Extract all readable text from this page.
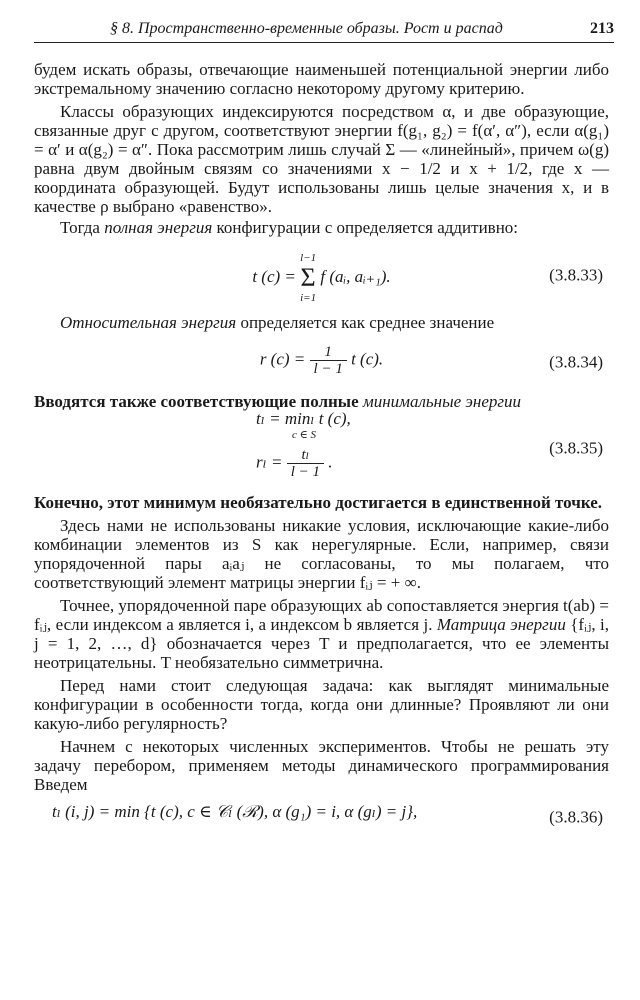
§ 8. Пространственно-временные образы. Рост и распад	213

будем искать образы, отвечающие наименьшей потенциальной энергии либо экстремальному значению согласно некоторому другому критерию.

Классы образующих индексируются посредством α, и две образующие, связанные друг с другом, соответствуют энергии f(g₁, g₂) = f(α′, α″), если α(g₁) = α′ и α(g₂) = α″. Пока рассмотрим лишь случай Σ — «линейный», причем ω(g) равна двум двойным связям со значениями x − 1/2 и x + 1/2, где x — координата образующей. Будут использованы лишь целые значения x, и в качестве ρ выбрано «равенство».

Тогда полная энергия конфигурации c определяется аддитивно:

t (c) =
l−1
Σ
i=1
f (aᵢ, aᵢ₊₁).	(3.8.33)

Относительная энергия определяется как среднее значение

r $(c) = \frac{1}{l - 1}$ t (c).	(3.8.34)

Вводятся также соответствующие полные минимальные энергии

tₗ = minₗ t (c),
c ∈ S
$r_l = \frac{\text{tₗ}}{l - 1}$ .
(3.8.35)

Конечно, этот минимум необязательно достигается в единственной точке.

Здесь нами не использованы никакие условия, исключающие какие-либо комбинации элементов из S как нерегулярные. Если, например, связи упорядоченной пары aᵢaⱼ не согласованы, то мы полагаем, что соответствующий элемент матрицы энергии fᵢⱼ = + ∞.

Точнее, упорядоченной паре образующих ab сопоставляется энергия t(ab) = fᵢⱼ, если индексом a является i, а индексом b является j. Матрица энергии {fᵢⱼ, i, j = 1, 2, …, d} обозначается через T и предполагается, что ее элементы неотрицательны. T необязательно симметрична.

Перед нами стоит следующая задача: как выглядят минимальные конфигурации в особенности тогда, когда они длинные? Проявляют ли они какую-либо регулярность?

Начнем с некоторых численных экспериментов. Чтобы не решать эту задачу перебором, применяем методы динамического программирования Введем

tₗ (i, j) = min {t (c), c ∈ 𝒞ₗ (ℛ), α (g₁) = i, α (gₗ) = j},	(3.8.36)
